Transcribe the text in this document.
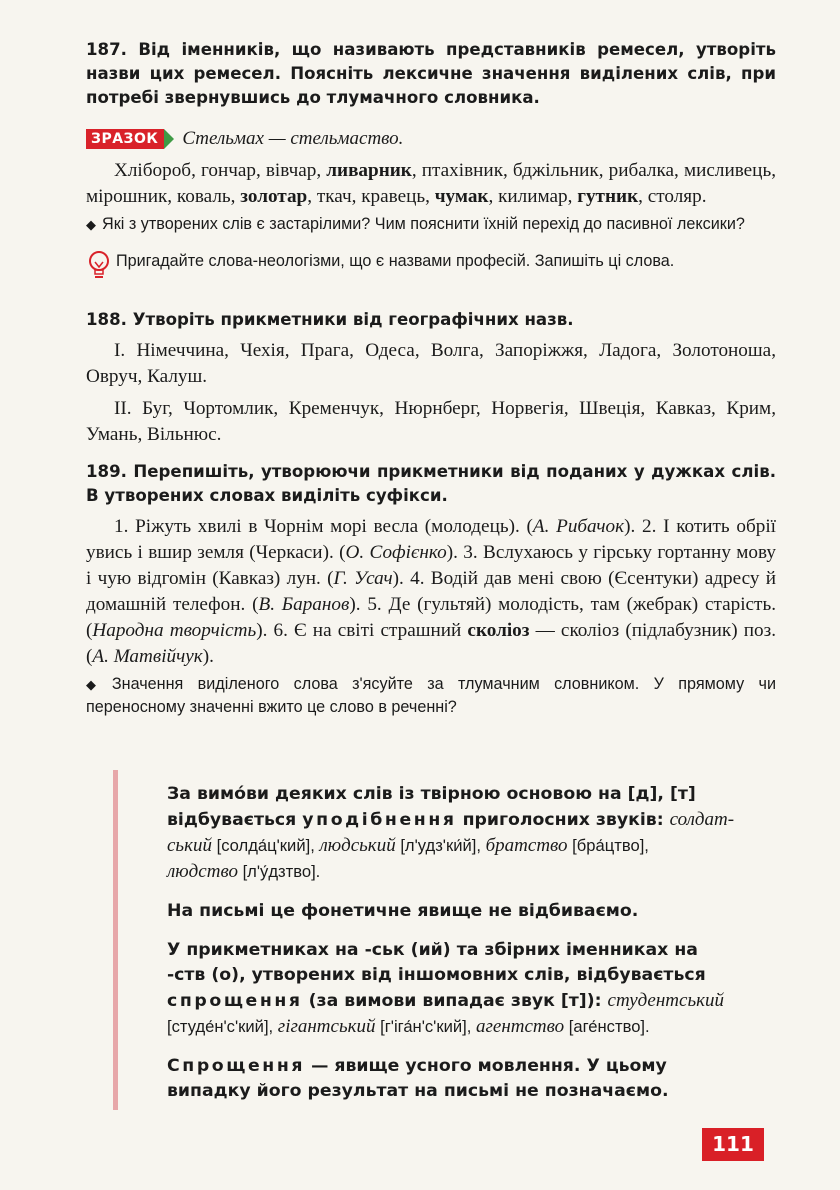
187. Від іменників, що називають представників ремесел, утворіть назви цих ремесел. Поясніть лексичне значення виділених слів, при потребі звернувшись до тлумачного словника.

ЗРАЗОК	Стельмах — стельмаство.

Хлібороб, гончар, вівчар, ливарник, птахівник, бджільник, рибалка, мисливець, мірошник, коваль, золотар, ткач, кравець, чумак, килимар, гутник, столяр.

◆ Які з утворених слів є застарілими? Чим пояснити їхній перехід до пасивної лексики?

Пригадайте слова-неологізми, що є назвами професій. Запишіть ці слова.

188. Утворіть прикметники від географічних назв.

I. Німеччина, Чехія, Прага, Одеса, Волга, Запоріжжя, Ладога, Золотоноша, Овруч, Калуш.

II. Буг, Чортомлик, Кременчук, Нюрнберг, Норвегія, Швеція, Кавказ, Крим, Умань, Вільнюс.

189. Перепишіть, утворюючи прикметники від поданих у дужках слів. В утворених словах виділіть суфікси.

1. Ріжуть хвилі в Чорнім морі весла (молодець). (А. Рибачок). 2. І котить обрії увись і вшир земля (Черкаси). (О. Софієнко). 3. Вслухаюсь у гірську гортанну мову і чую відгомін (Кавказ) лун. (Г. Усач). 4. Водій дав мені свою (Єсентуки) адресу й домашній телефон. (В. Баранов). 5. Де (гультяй) молодість, там (жебрак) старість. (Народна творчість). 6. Є на світі страшний сколіоз — сколіоз (підлабузник) поз. (А. Матвійчук).

◆ Значення виділеного слова з'ясуйте за тлумачним словником. У прямому чи переносному значенні вжито це слово в реченні?

За вимо́ви деяких слів із твірною основою на [д], [т]

відбувається уподібнення приголосних звуків: солдат-

ський [солда́ц'кий], людський [л'удз'ки́й], братство [бра́цтво],

людство [л'у́дзтво].

На письмі це фонетичне явище не відбиваємо.

У прикметниках на -ськ (ий) та збірних іменниках на

-ств (о), утворених від іншомовних слів, відбувається

спрощення (за вимови випадає звук [т]): студентський

[студе́н'с'кий], гігантський [г'іга́н'с'кий], агентство [аге́нство].

Спрощення — явище усного мовлення. У цьому

випадку його результат на письмі не позначаємо.

111
